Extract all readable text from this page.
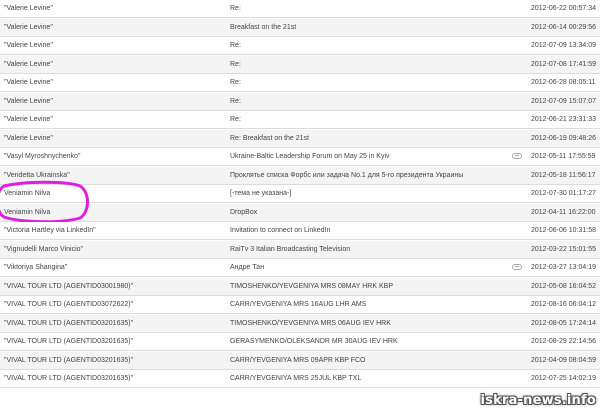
"Valerie Levine"	Re:	2012-06-22 00:57:34
"Valerie Levine"	Breakfast on the 21st	2012-06-14 00:29:56
"Valerie Levine"	Re:	2012-07-09 13:34:09
"Valerie Levine"	Re:	2012-07-08 17:41:59
"Valerie Levine"	Re:	2012-06-28 08:05:11
"Valerie Levine"	Re:	2012-07-09 15:07:07
"Valerie Levine"	Re:	2012-06-21 23:31:33
"Valerie Levine"	Re: Breakfast on the 21st	2012-06-19 09:48:26
"Vasyl Myroshnychenko"	Ukraine-Baltic Leadership Forum on May 25 in Kyiv	2012-05-11 17:55:59
"Vendetta Ukrainska"	Проклятье списка Форбс или задача No.1 для 5-го президента Украины	2012-05-18 11:56:17
Veniamin Nilva	[-тема не указана-]	2012-07-30 01:17:27
Veniamin Nilva	DropBox	2012-04-11 16:22:00
"Victoria Hartley via LinkedIn"	Invitation to connect on LinkedIn	2012-06-06 10:31:58
"Vignudelli Marco Vinicio"	RaiTv 3 Italian Broadcasting Television	2012-03-22 15:01:55
"Viktoriya Shangina"	Андре Тан	2012-03-27 13:04:19
"VIVAL TOUR LTD (AGENTID03001980)"	TIMOSHENKO/YEVGENIYA MRS 08MAY HRK KBP	2012-05-08 16:04:52
"VIVAL TOUR LTD (AGENTID03072622)"	CARR/YEVGENIYA MRS 16AUG LHR AMS	2012-08-16 06:04:12
"VIVAL TOUR LTD (AGENTID03201635)"	TIMOSHENKO/YEVGENIYA MRS 06AUG IEV HRK	2012-08-05 17:24:14
"VIVAL TOUR LTD (AGENTID03201635)"	GERASYMENKO/OLEKSANDR MR 30AUG IEV HRK	2012-08-29 22:14:56
"VIVAL TOUR LTD (AGENTID03201635)"	CARR/YEVGENIYA MRS 09APR KBP FCO	2012-04-09 08:04:59
"VIVAL TOUR LTD (AGENTID03201635)"	CARR/YEVGENIYA MRS 25JUL KBP TXL	2012-07-25 14:02:19
iskra-news.info
